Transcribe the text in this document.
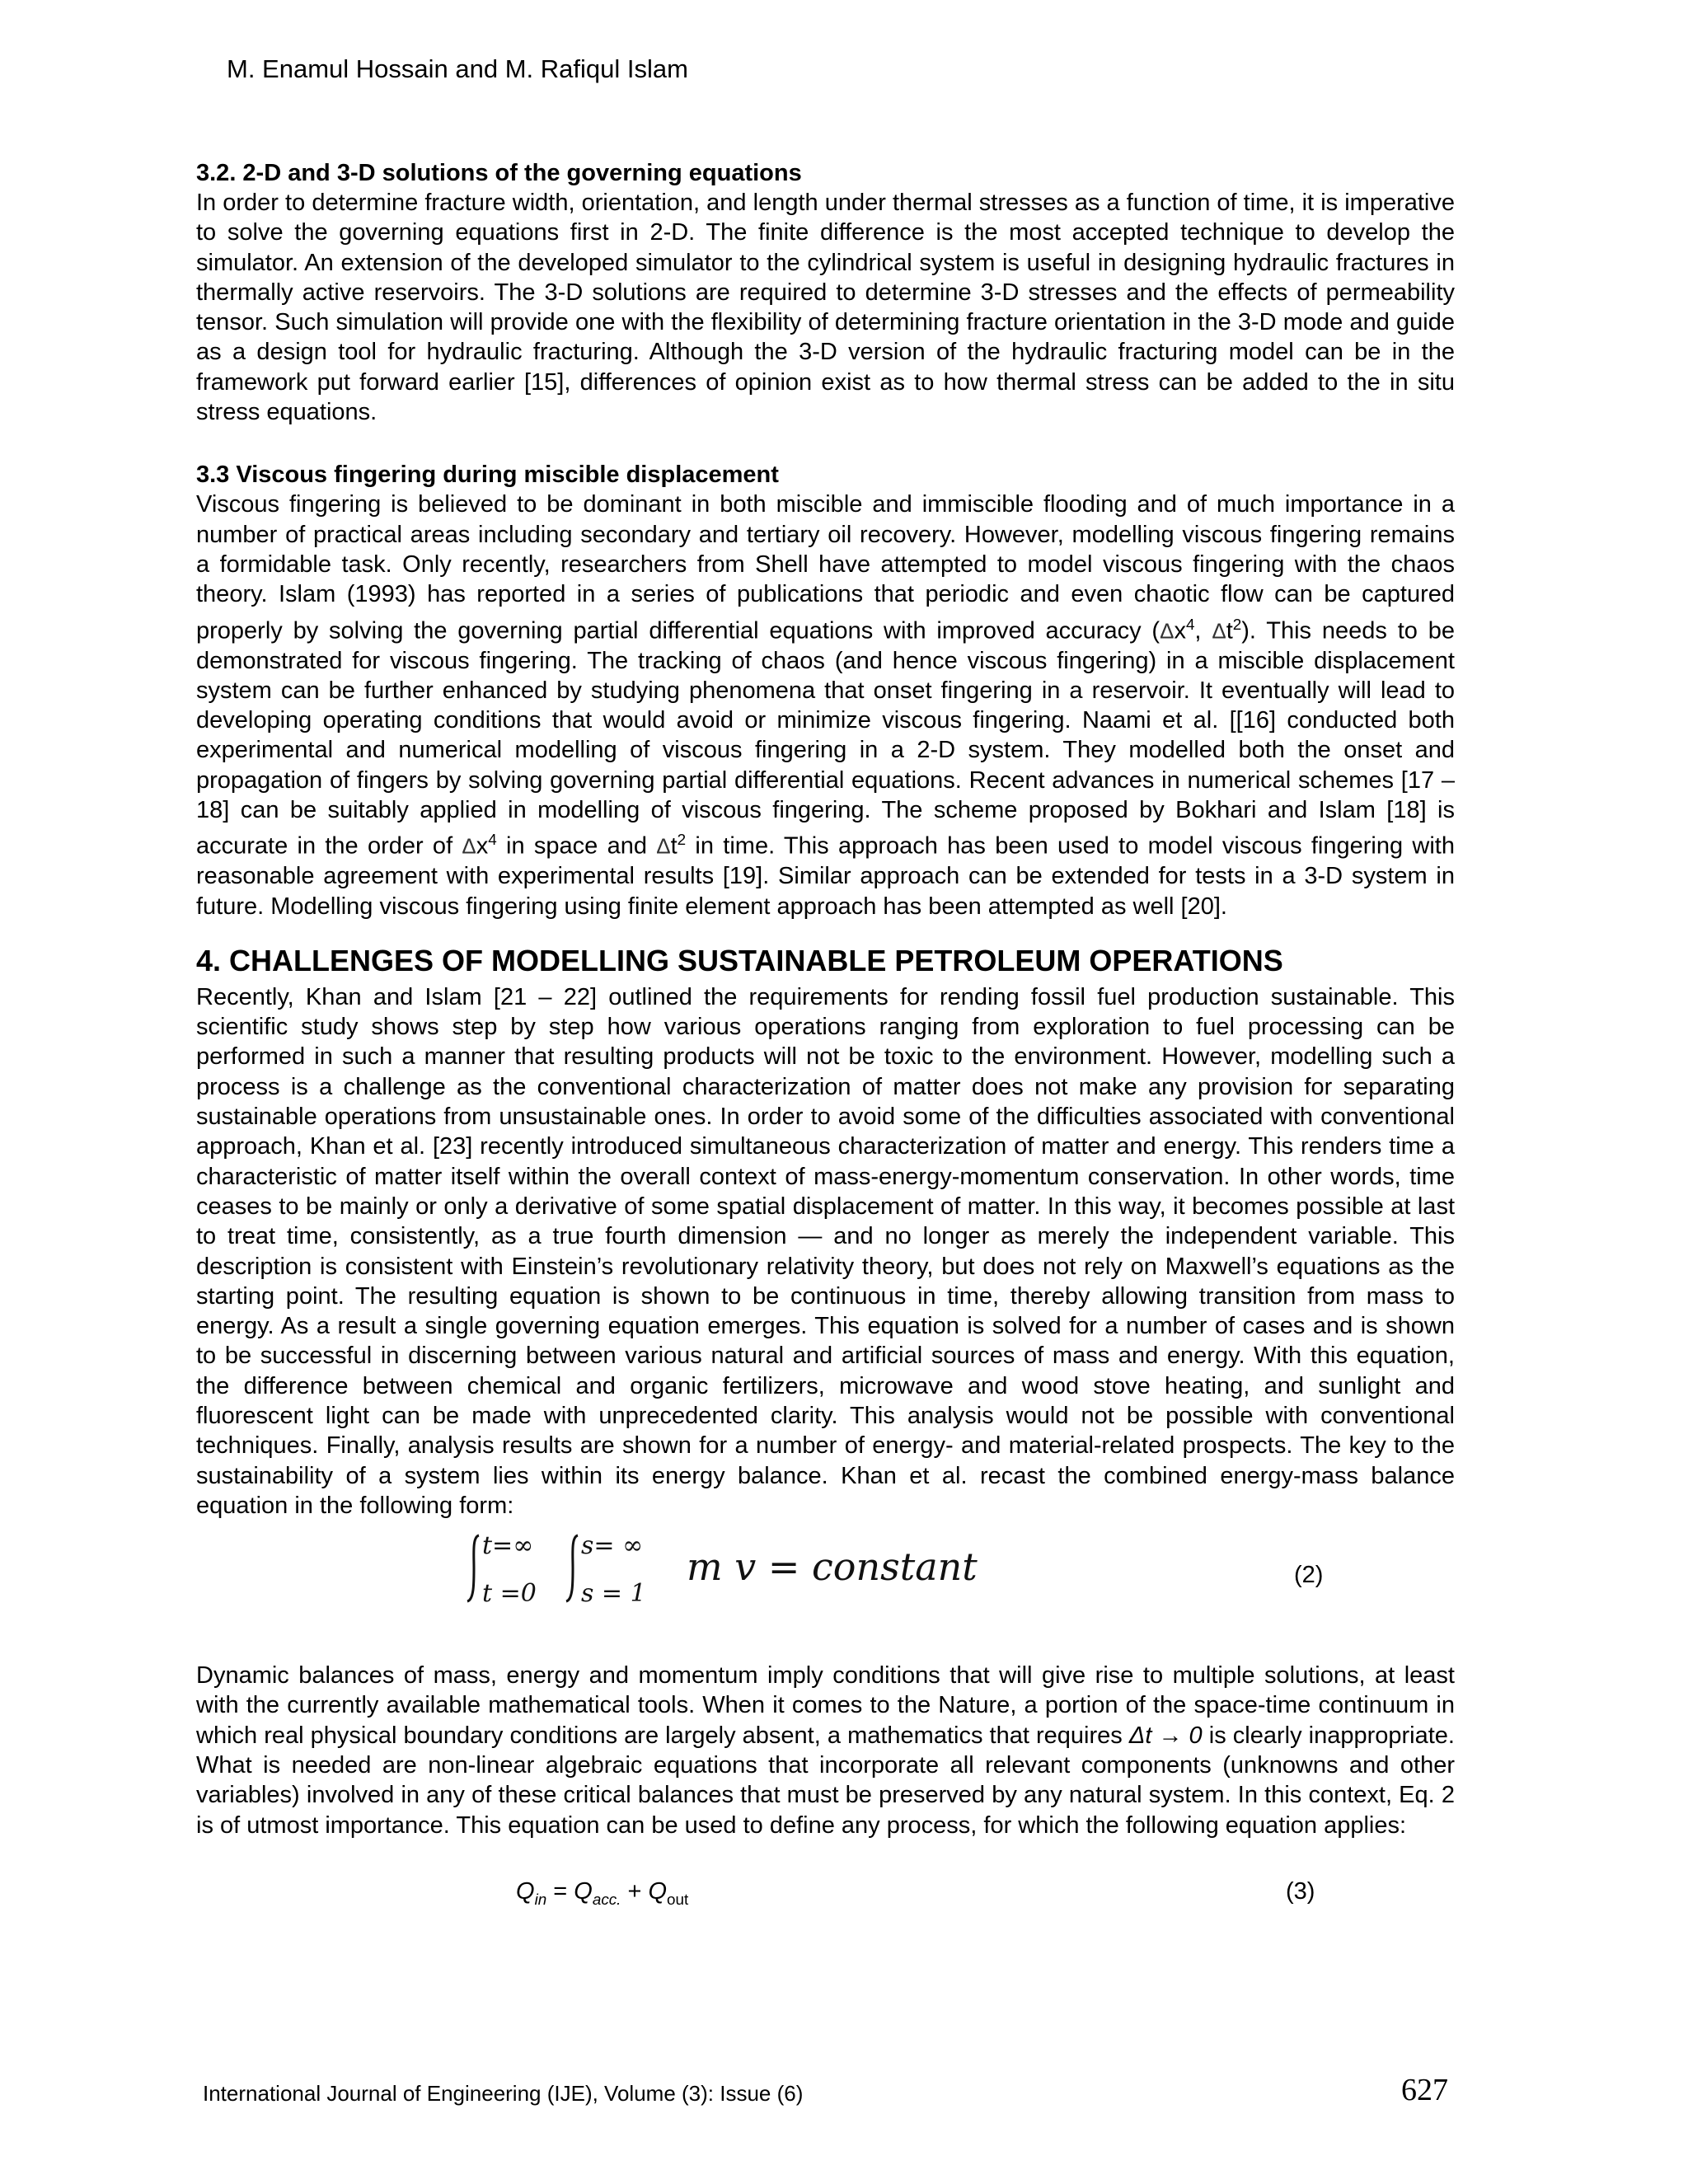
M. Enamul Hossain and M. Rafiqul Islam

3.2. 2-D and 3-D solutions of the governing equations

In order to determine fracture width, orientation, and length under thermal stresses as a function of time, it is imperative to solve the governing equations first in 2-D. The finite difference is the most accepted technique to develop the simulator. An extension of the developed simulator to the cylindrical system is useful in designing hydraulic fractures in thermally active reservoirs. The 3-D solutions are required to determine 3-D stresses and the effects of permeability tensor. Such simulation will provide one with the flexibility of determining fracture orientation in the 3-D mode and guide as a design tool for hydraulic fracturing. Although the 3-D version of the hydraulic fracturing model can be in the framework put forward earlier [15], differences of opinion exist as to how thermal stress can be added to the in situ stress equations.

3.3 Viscous fingering during miscible displacement

Viscous fingering is believed to be dominant in both miscible and immiscible flooding and of much importance in a number of practical areas including secondary and tertiary oil recovery. However, modelling viscous fingering remains a formidable task. Only recently, researchers from Shell have attempted to model viscous fingering with the chaos theory. Islam (1993) has reported in a series of publications that periodic and even chaotic flow can be captured properly by solving the governing partial differential equations with improved accuracy ($\Delta x^4$, $\Delta t^2$). This needs to be demonstrated for viscous fingering. The tracking of chaos (and hence viscous fingering) in a miscible displacement system can be further enhanced by studying phenomena that onset fingering in a reservoir. It eventually will lead to developing operating conditions that would avoid or minimize viscous fingering. Naami et al. [[16] conducted both experimental and numerical modelling of viscous fingering in a 2-D system. They modelled both the onset and propagation of fingers by solving governing partial differential equations. Recent advances in numerical schemes [17 – 18] can be suitably applied in modelling of viscous fingering. The scheme proposed by Bokhari and Islam [18] is accurate in the order of $\Delta x^4$ in space and $\Delta t^2$ in time. This approach has been used to model viscous fingering with reasonable agreement with experimental results [19]. Similar approach can be extended for tests in a 3-D system in future. Modelling viscous fingering using finite element approach has been attempted as well [20].

4. CHALLENGES OF MODELLING SUSTAINABLE PETROLEUM OPERATIONS

Recently, Khan and Islam [21 – 22] outlined the requirements for rending fossil fuel production sustainable. This scientific study shows step by step how various operations ranging from exploration to fuel processing can be performed in such a manner that resulting products will not be toxic to the environment. However, modelling such a process is a challenge as the conventional characterization of matter does not make any provision for separating sustainable operations from unsustainable ones. In order to avoid some of the difficulties associated with conventional approach, Khan et al. [23] recently introduced simultaneous characterization of matter and energy. This renders time a characteristic of matter itself within the overall context of mass-energy-momentum conservation. In other words, time ceases to be mainly or only a derivative of some spatial displacement of matter. In this way, it becomes possible at last to treat time, consistently, as a true fourth dimension — and no longer as merely the independent variable. This description is consistent with Einstein’s revolutionary relativity theory, but does not rely on Maxwell’s equations as the starting point. The resulting equation is shown to be continuous in time, thereby allowing transition from mass to energy. As a result a single governing equation emerges. This equation is solved for a number of cases and is shown to be successful in discerning between various natural and artificial sources of mass and energy. With this equation, the difference between chemical and organic fertilizers, microwave and wood stove heating, and sunlight and fluorescent light can be made with unprecedented clarity. This analysis would not be possible with conventional techniques. Finally, analysis results are shown for a number of energy- and material-related prospects. The key to the sustainability of a system lies within its energy balance. Khan et al. recast the combined energy-mass balance equation in the following form:

t=∞
t =0
s= ∞
s = 1
m v = constant	(2)

Dynamic balances of mass, energy and momentum imply conditions that will give rise to multiple solutions, at least with the currently available mathematical tools. When it comes to the Nature, a portion of the space-time continuum in which real physical boundary conditions are largely absent, a mathematics that requires Δt → 0 is clearly inappropriate. What is needed are non-linear algebraic equations that incorporate all relevant components (unknowns and other variables) involved in any of these critical balances that must be preserved by any natural system. In this context, Eq. 2 is of utmost importance. This equation can be used to define any process, for which the following equation applies:

$Q_{in} = Q_{acc.} + Q_{out}$	(3)
International Journal of Engineering (IJE), Volume (3): Issue (6)	627
